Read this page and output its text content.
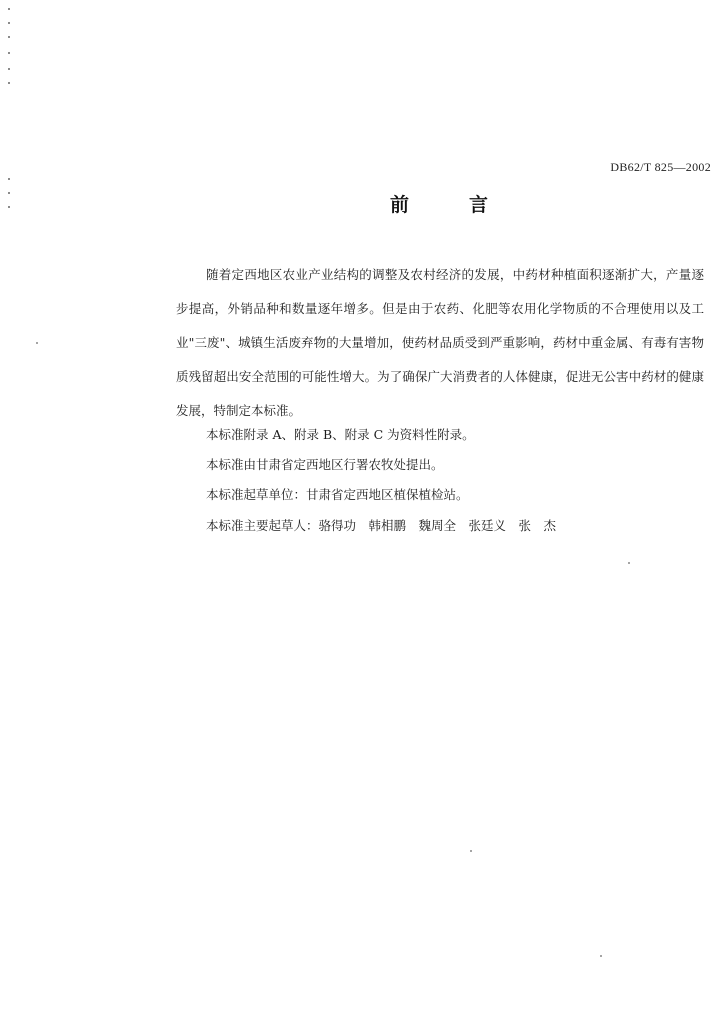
DB62/T 825—2002
前	言

随着定西地区农业产业结构的调整及农村经济的发展，中药材种植面积逐渐扩大，产量逐步提高，外销品种和数量逐年增多。但是由于农药、化肥等农用化学物质的不合理使用以及工业"三废"、城镇生活废弃物的大量增加，使药材品质受到严重影响，药材中重金属、有毒有害物质残留超出安全范围的可能性增大。为了确保广大消费者的人体健康，促进无公害中药材的健康发展，特制定本标准。

本标准附录 A、附录 B、附录 C 为资料性附录。

本标准由甘肃省定西地区行署农牧处提出。

本标准起草单位：甘肃省定西地区植保植检站。

本标准主要起草人：骆得功　韩相鹏　魏周全　张廷义　张　杰
